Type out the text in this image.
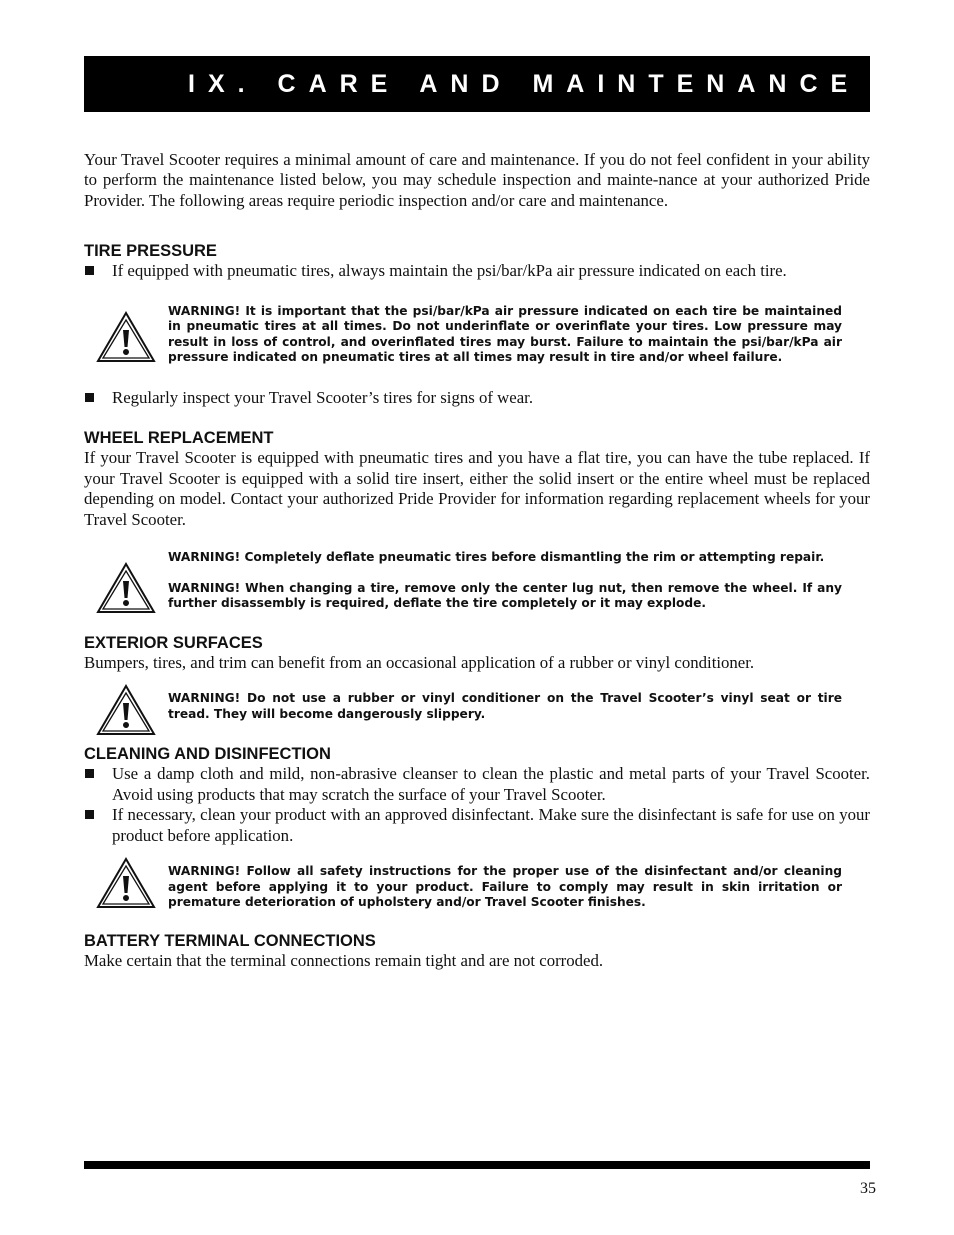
IX. CARE AND MAINTENANCE

Your Travel Scooter requires a minimal amount of care and maintenance. If you do not feel confident in your ability to perform the maintenance listed below, you may schedule inspection and mainte-nance at your authorized Pride Provider. The following areas require periodic inspection and/or care and maintenance.

TIRE PRESSURE
If equipped with pneumatic tires, always maintain the psi/bar/kPa air pressure indicated on each tire.

WARNING! It is important that the psi/bar/kPa air pressure indicated on each tire be maintained in pneumatic tires at all times. Do not underinflate or overinflate your tires. Low pressure may result in loss of control, and overinflated tires may burst. Failure to maintain the psi/bar/kPa air pressure indicated on pneumatic tires at all times may result in tire and/or wheel failure.

Regularly inspect your Travel Scooter’s tires for signs of wear.
WHEEL REPLACEMENT

If your Travel Scooter is equipped with pneumatic tires and you have a flat tire, you can have the tube replaced. If your Travel Scooter is equipped with a solid tire insert, either the solid insert or the entire wheel must be replaced depending on model. Contact your authorized Pride Provider for information regarding replacement wheels for your Travel Scooter.

WARNING! Completely deflate pneumatic tires before dismantling the rim or attempting repair.

WARNING! When changing a tire, remove only the center lug nut, then remove the wheel. If any further disassembly is required, deflate the tire completely or it may explode.

EXTERIOR SURFACES

Bumpers, tires, and trim can benefit from an occasional application of a rubber or vinyl conditioner.

WARNING! Do not use a rubber or vinyl conditioner on the Travel Scooter’s vinyl seat or tire tread. They will become dangerously slippery.

CLEANING AND DISINFECTION
Use a damp cloth and mild, non-abrasive cleanser to clean the plastic and metal parts of your Travel Scooter. Avoid using products that may scratch the surface of your Travel Scooter.
If necessary, clean your product with an approved disinfectant. Make sure the disinfectant is safe for use on your product before application.

WARNING! Follow all safety instructions for the proper use of the disinfectant and/or cleaning agent before applying it to your product. Failure to comply may result in skin irritation or premature deterioration of upholstery and/or Travel Scooter finishes.

BATTERY TERMINAL CONNECTIONS

Make certain that the terminal connections remain tight and are not corroded.

35
